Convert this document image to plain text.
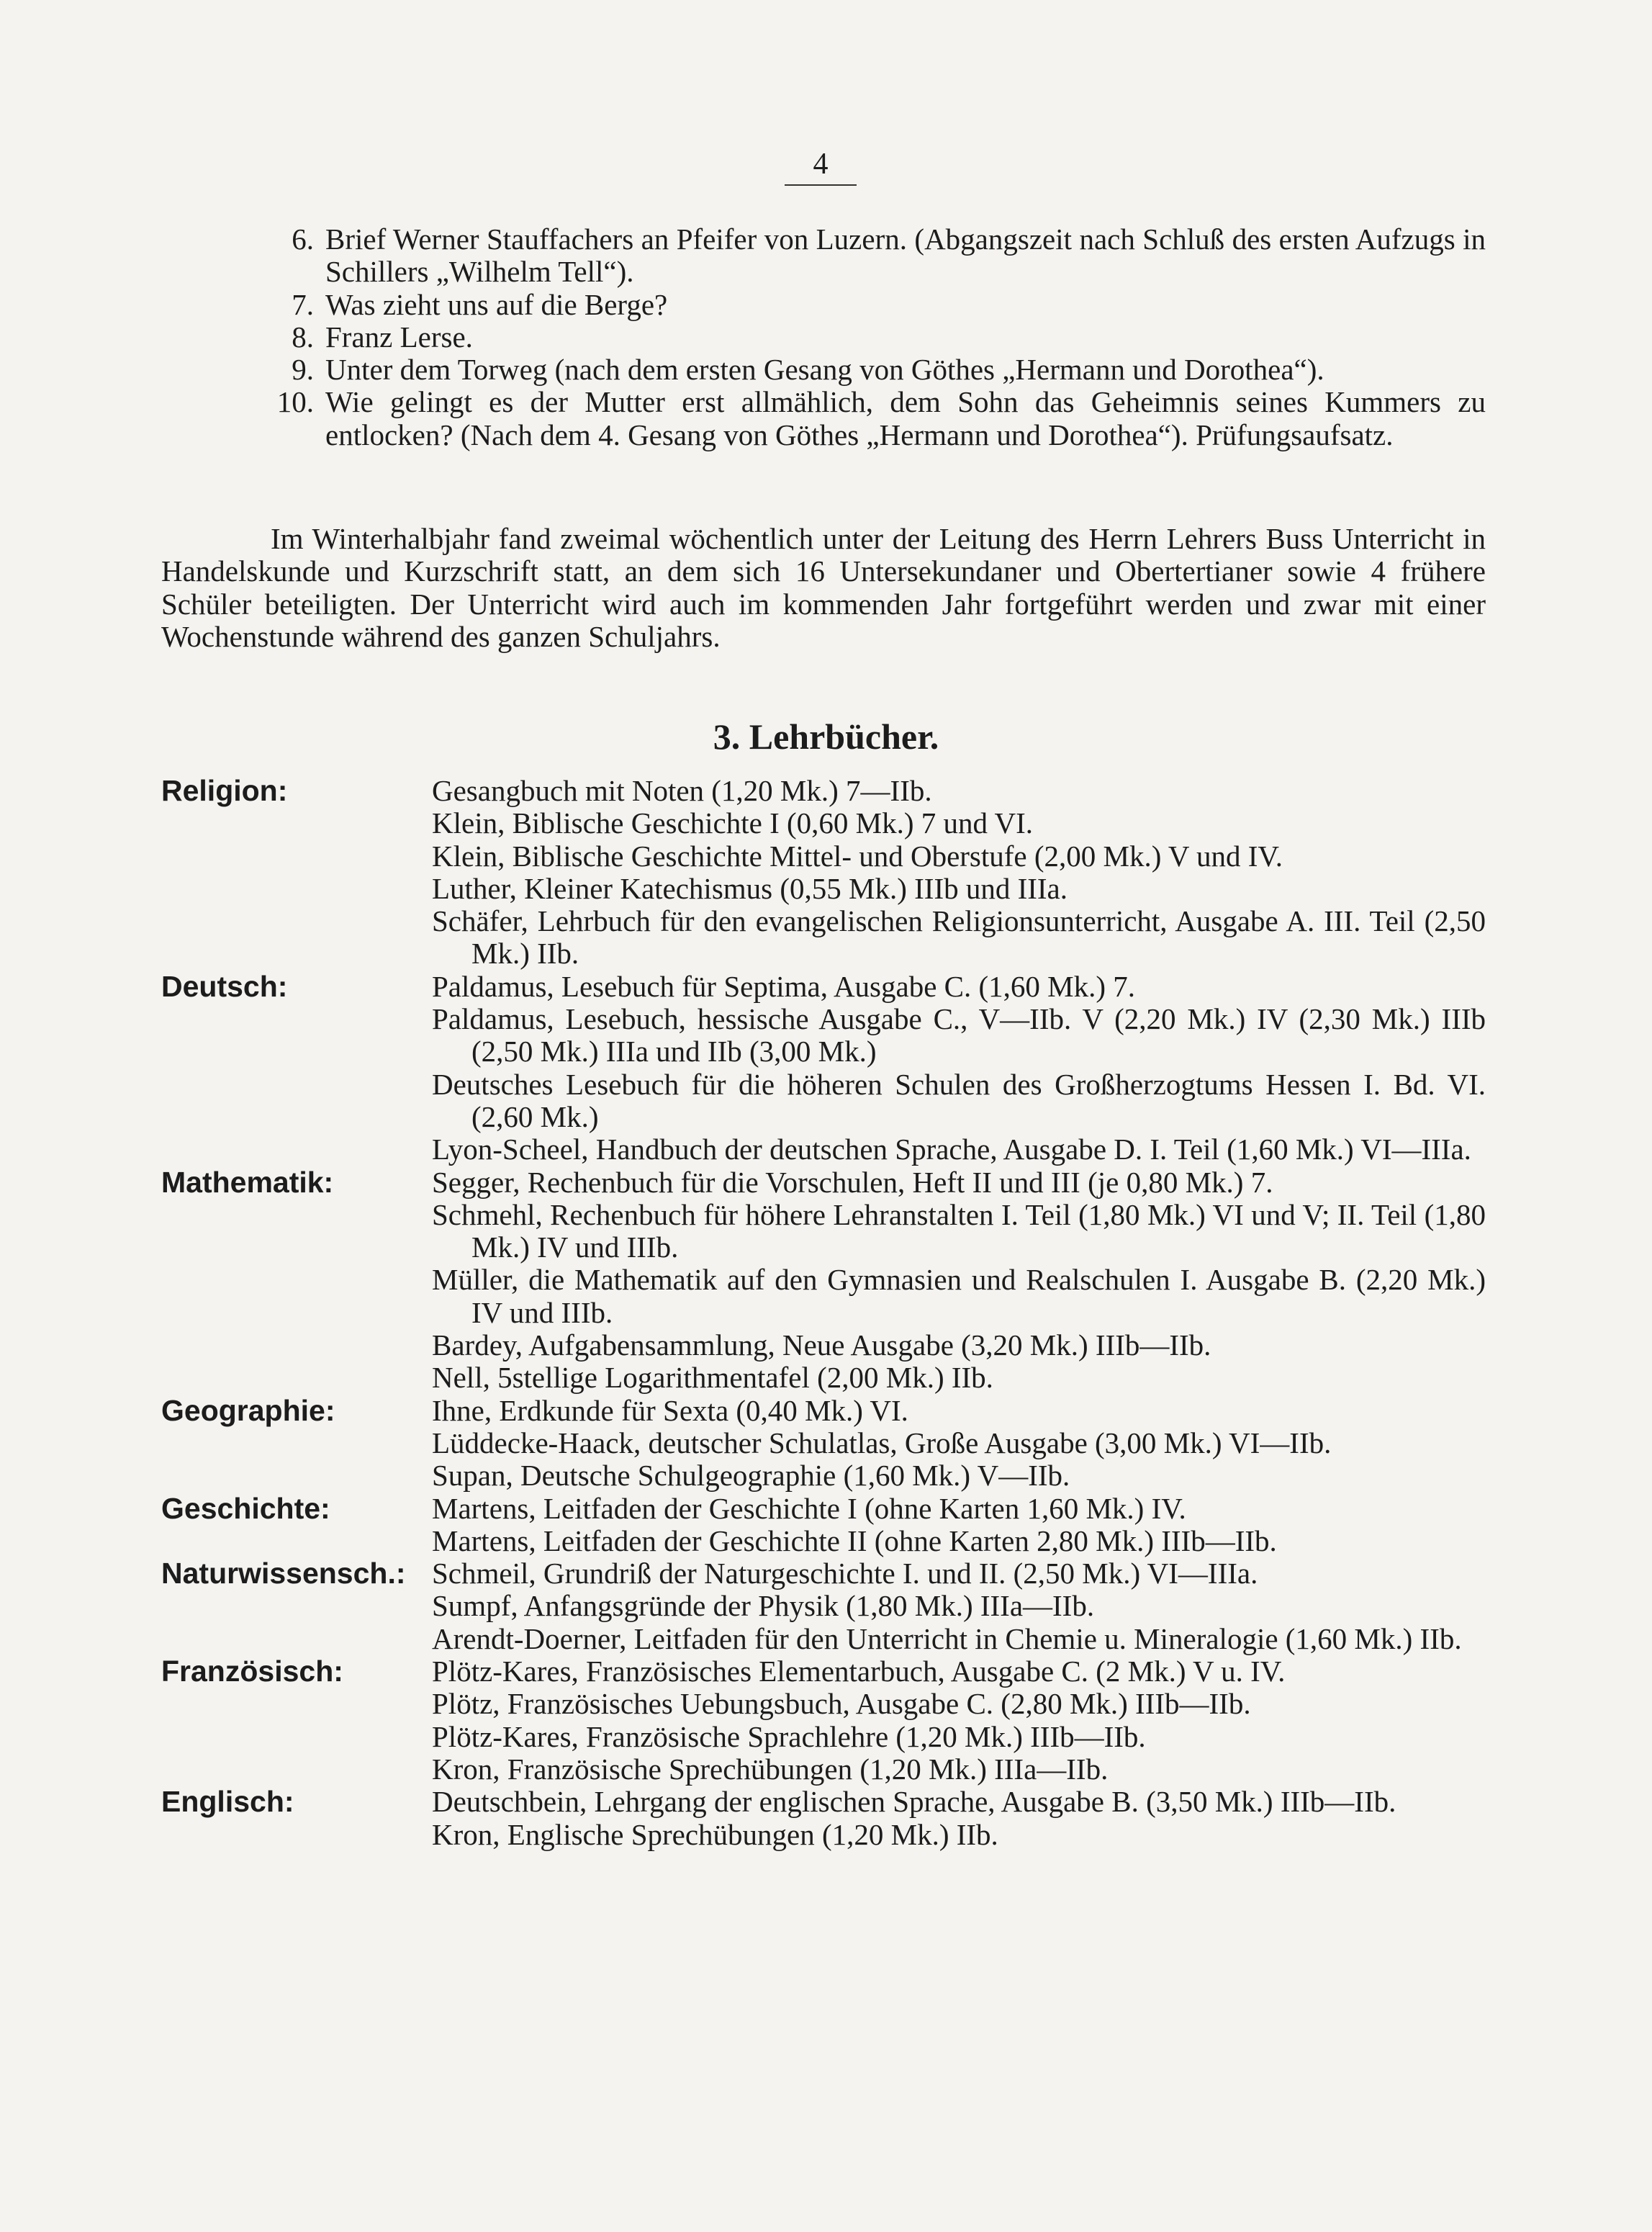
4
6. Brief Werner Stauffachers an Pfeifer von Luzern. (Abgangszeit nach Schluß des ersten Aufzugs in Schillers „Wilhelm Tell“).
7. Was zieht uns auf die Berge?
8. Franz Lerse.
9. Unter dem Torweg (nach dem ersten Gesang von Göthes „Hermann und Dorothea“).
10. Wie gelingt es der Mutter erst allmählich, dem Sohn das Geheimnis seines Kummers zu entlocken? (Nach dem 4. Gesang von Göthes „Hermann und Dorothea“). Prüfungsaufsatz.
Im Winterhalbjahr fand zweimal wöchentlich unter der Leitung des Herrn Lehrers Buss Unterricht in Handelskunde und Kurzschrift statt, an dem sich 16 Untersekundaner und Obertertianer sowie 4 frühere Schüler beteiligten. Der Unterricht wird auch im kommenden Jahr fortgeführt werden und zwar mit einer Wochenstunde während des ganzen Schuljahrs.
3. Lehrbücher.
Religion:	Gesangbuch mit Noten (1,20 Mk.) 7—IIb.
Klein, Biblische Geschichte I (0,60 Mk.) 7 und VI.
Klein, Biblische Geschichte Mittel- und Oberstufe (2,00 Mk.) V und IV.
Luther, Kleiner Katechismus (0,55 Mk.) IIIb und IIIa.
Schäfer, Lehrbuch für den evangelischen Religionsunterricht, Ausgabe A. III. Teil (2,50 Mk.) IIb.
Deutsch:	Paldamus, Lesebuch für Septima, Ausgabe C. (1,60 Mk.) 7.
Paldamus, Lesebuch, hessische Ausgabe C., V—IIb. V (2,20 Mk.) IV (2,30 Mk.) IIIb (2,50 Mk.) IIIa und IIb (3,00 Mk.)
Deutsches Lesebuch für die höheren Schulen des Großherzogtums Hessen I. Bd. VI. (2,60 Mk.)
Lyon-Scheel, Handbuch der deutschen Sprache, Ausgabe D. I. Teil (1,60 Mk.) VI—IIIa.
Mathematik:	Segger, Rechenbuch für die Vorschulen, Heft II und III (je 0,80 Mk.) 7.
Schmehl, Rechenbuch für höhere Lehranstalten I. Teil (1,80 Mk.) VI und V; II. Teil (1,80 Mk.) IV und IIIb.
Müller, die Mathematik auf den Gymnasien und Realschulen I. Ausgabe B. (2,20 Mk.) IV und IIIb.
Bardey, Aufgabensammlung, Neue Ausgabe (3,20 Mk.) IIIb—IIb.
Nell, 5stellige Logarithmentafel (2,00 Mk.) IIb.
Geographie:	Ihne, Erdkunde für Sexta (0,40 Mk.) VI.
Lüddecke-Haack, deutscher Schulatlas, Große Ausgabe (3,00 Mk.) VI—IIb.
Supan, Deutsche Schulgeographie (1,60 Mk.) V—IIb.
Geschichte:	Martens, Leitfaden der Geschichte I (ohne Karten 1,60 Mk.) IV.
Martens, Leitfaden der Geschichte II (ohne Karten 2,80 Mk.) IIIb—IIb.
Naturwissensch.: Schmeil, Grundriß der Naturgeschichte I. und II. (2,50 Mk.) VI—IIIa.
Sumpf, Anfangsgründe der Physik (1,80 Mk.) IIIa—IIb.
Arendt-Doerner, Leitfaden für den Unterricht in Chemie u. Mineralogie (1,60 Mk.) IIb.
Französisch:	Plötz-Kares, Französisches Elementarbuch, Ausgabe C. (2 Mk.) V u. IV.
Plötz, Französisches Uebungsbuch, Ausgabe C. (2,80 Mk.) IIIb—IIb.
Plötz-Kares, Französische Sprachlehre (1,20 Mk.) IIIb—IIb.
Kron, Französische Sprechübungen (1,20 Mk.) IIIa—IIb.
Englisch:	Deutschbein, Lehrgang der englischen Sprache, Ausgabe B. (3,50 Mk.) IIIb—IIb.
Kron, Englische Sprechübungen (1,20 Mk.) IIb.
